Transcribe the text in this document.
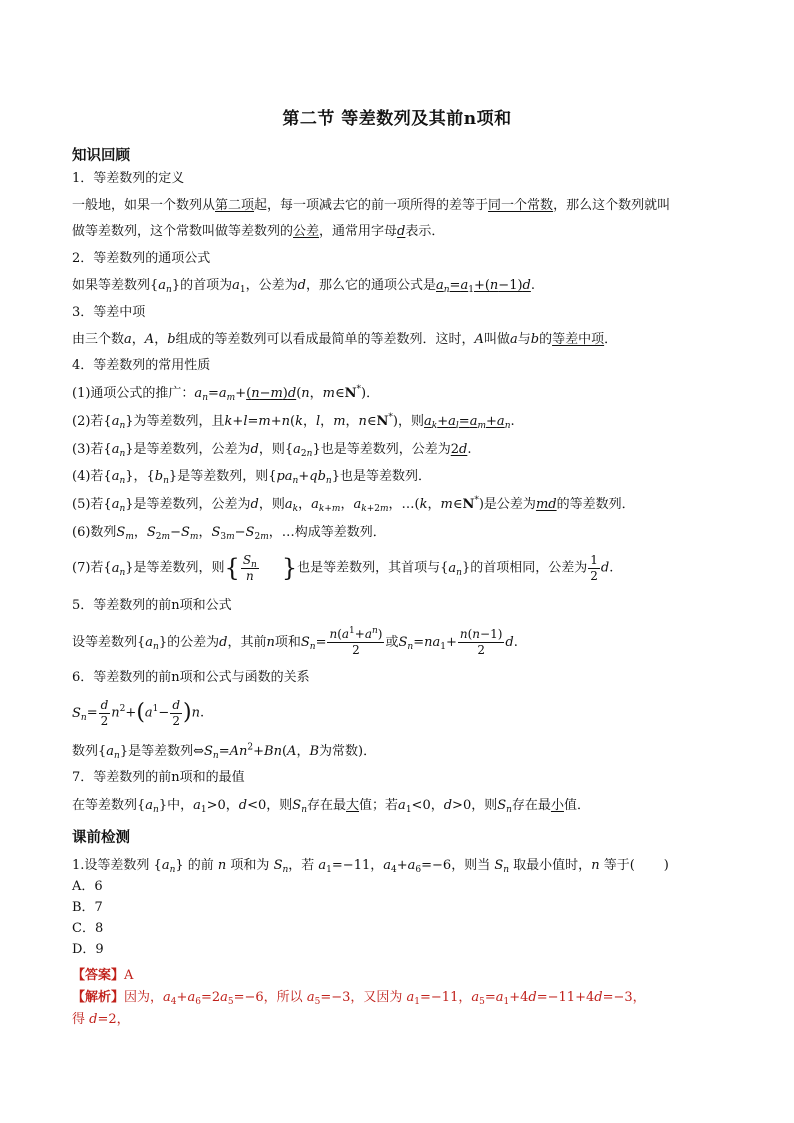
第二节 等差数列及其前n项和
知识回顾
1．等差数列的定义
一般地，如果一个数列从第二项起，每一项减去它的前一项所得的差等于同一个常数，那么这个数列就叫
做等差数列，这个常数叫做等差数列的公差，通常用字母d表示．
2．等差数列的通项公式
如果等差数列$\{a_n\}$的首项为$a_1$，公差为d，那么它的通项公式是$a_n=a_1+(n-1)d$.
3．等差中项
由三个数a，A，b组成的等差数列可以看成最简单的等差数列．这时，A叫做a与b的等差中项．
4．等差数列的常用性质
(1)通项公式的推广：$a_n=a_m+(n-m)d(n$，m∈N*)．
(2)若$\{a_n\}$为等差数列，且k+l=m+n(k，l，m，n∈N*)，则$a_k+a_l=a_m+a_n$.
(3)若$\{a_n\}$是等差数列，公差为d，则$\{a_{2n}\}$也是等差数列，公差为2d.
(4)若$\{a_n\}$，$\{b_n\}$是等差数列，则$\{pa_n+qb_n\}$也是等差数列．
(5)若$\{a_n\}$是等差数列，公差为d，则$a_k$，$a_{k+m}$，$a_{k+2m}$，…(k，m∈N*)是公差为md的等差数列．
(6)数列$S_m$，$S_{2m}-S_m$，$S_{3m}-S_{2m}$，…构成等差数列．
(7)若$\{a_n\}$是等差数列，则{ $\frac{S_n}{n}$ }也是等差数列，其首项与$\{a_n\}$的首项相同，公差为 $\frac{1}{2} d$.
5．等差数列的前n项和公式
设等差数列$\{a_n\}$的公差为d，其前n项和$S_n= \frac{n(a^1+a^n)}{2}$ 或$S_n=na_1+ \frac{n(n-1)}{2} d$.
6．等差数列的前n项和公式与函数的关系
$S_n= \frac{d}{2} n^2+(a^1- \frac{d}{2} )n$.
数列$\{a_n\}$是等差数列$\Leftrightarrow S_n=An^2+Bn(A$，B为常数)．
7．等差数列的前n项和的最值
在等差数列$\{a_n\}$中，$a_1>0$，d<0，则$S_n$存在最大值；若$a_1<0$，d>0，则$S_n$存在最小值．
课前检测
1.设等差数列 $\{a_n\}$ 的前 n 项和为 $S_n$，若 $a_1=-11$，$a_4+a_6=-6$，则当 $S_n$ 取最小值时，n 等于(       )
A．6
B．7
C．8
D．9
【答案】A
【解析】因为，$a_4+a_6=2a_5=-6$，所以 $a_5=-3$，又因为 $a_1=-11$，$a_5=a_1+4d=-11+4d=-3$，
得 d=2，
